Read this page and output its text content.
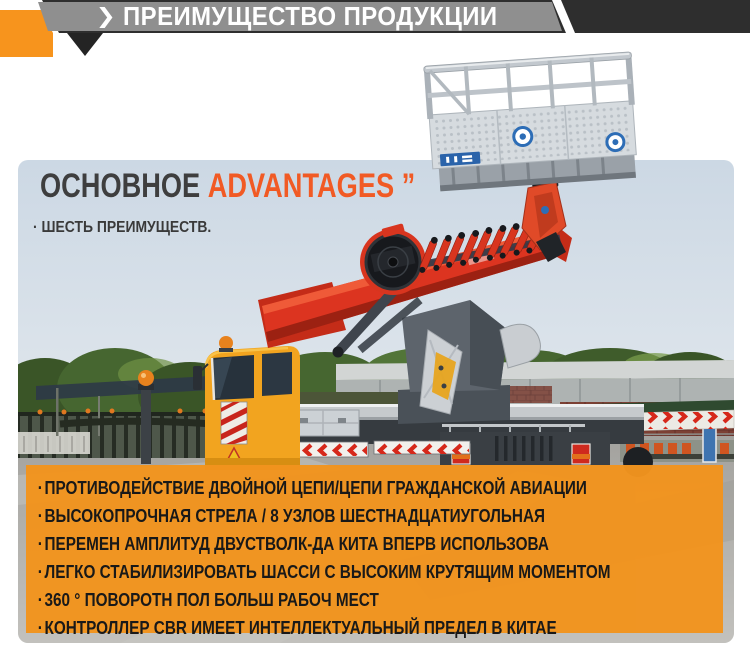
❯ ПРЕИМУЩЕСТВО ПРОДУКЦИИ
ОСНОВНОЕ ADVANTAGES ”
· ШЕСТЬ ПРЕИМУЩЕСТВ.
·ПРОТИВОДЕЙСТВИЕ ДВОЙНОЙ ЦЕПИ/ЦЕПИ ГРАЖДАНСКОЙ АВИАЦИИ
·ВЫСОКОПРОЧНАЯ СТРЕЛА / 8 УЗЛОВ ШЕСТНАДЦАТИУГОЛЬНАЯ
·ПЕРЕМЕН АМПЛИТУД ДВУСТВОЛК-ДА КИТА ВПЕРВ ИСПОЛЬЗОВА
·ЛЕГКО СТАБИЛИЗИРОВАТЬ ШАССИ С ВЫСОКИМ КРУТЯЩИМ МОМЕНТОМ
·360 ° ПОВОРОТН ПОЛ БОЛЬШ РАБОЧ МЕСТ
·КОНТРОЛЛЕР CBR ИМЕЕТ ИНТЕЛЛЕКТУАЛЬНЫЙ ПРЕДЕЛ В КИТАЕ
